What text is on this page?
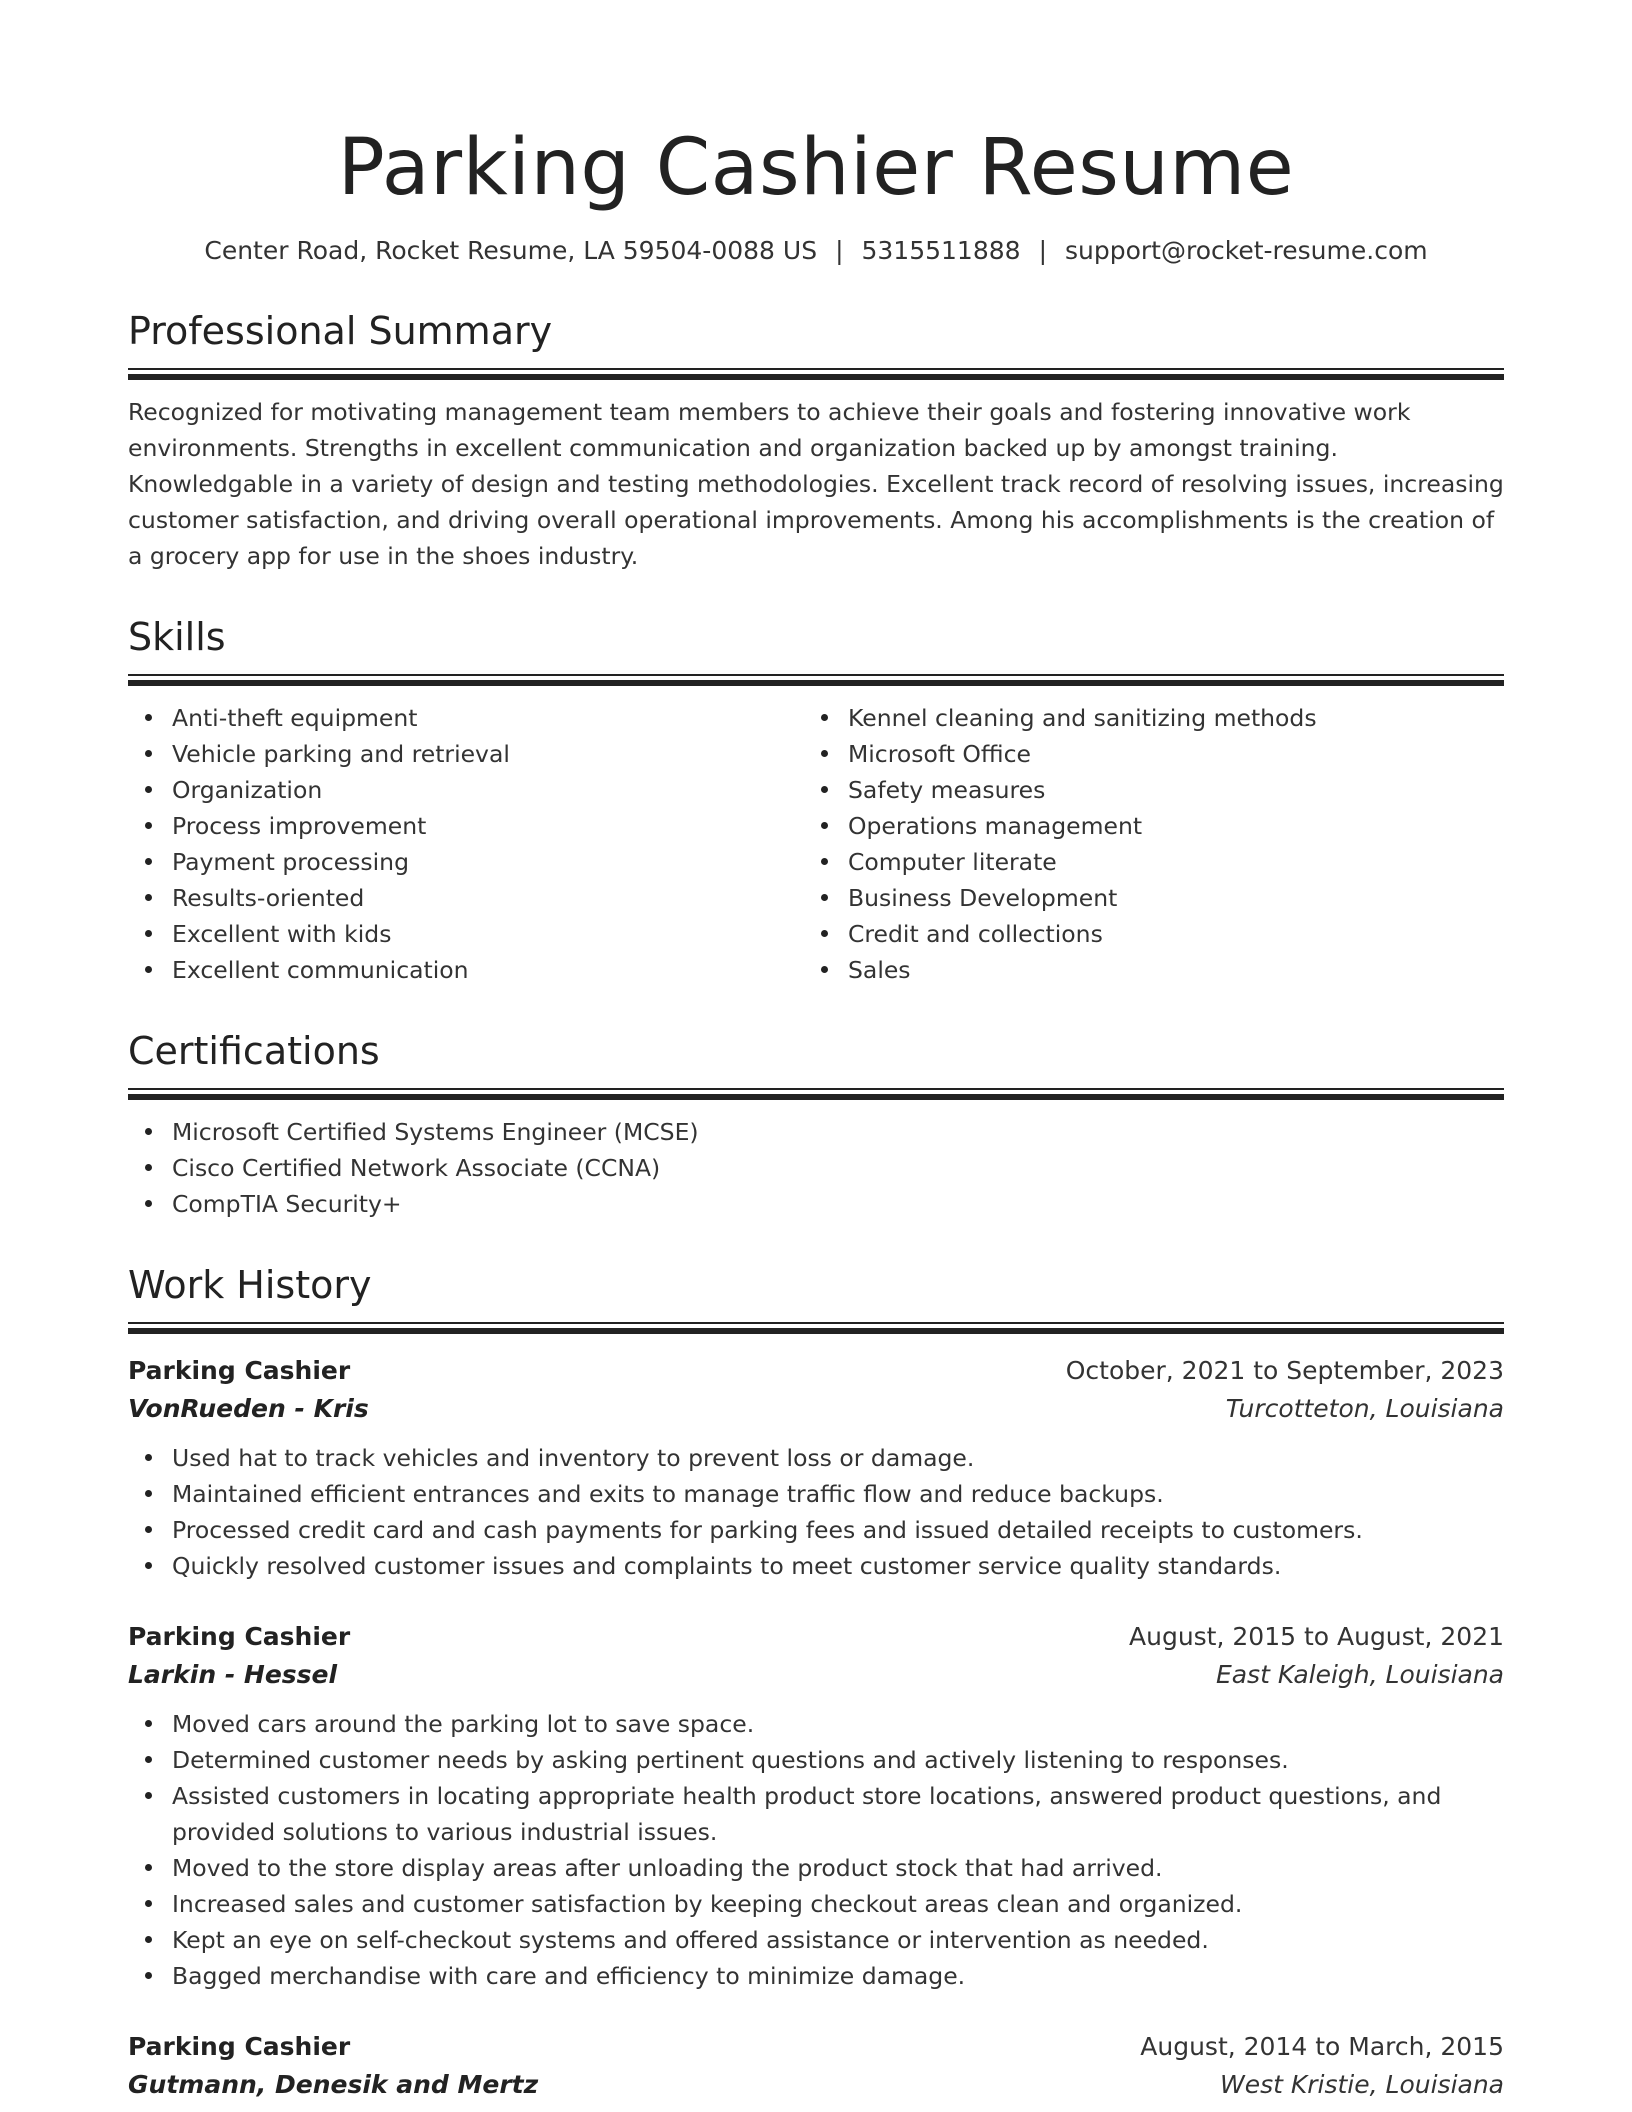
Parking Cashier Resume
Center Road, Rocket Resume, LA 59504-0088 US | 5315511888 | support@rocket-resume.com
Professional Summary

Recognized for motivating management team members to achieve their goals and fostering innovative work environments. Strengths in excellent communication and organization backed up by amongst training. Knowledgable in a variety of design and testing methodologies. Excellent track record of resolving issues, increasing customer satisfaction, and driving overall operational improvements. Among his accomplishments is the creation of a grocery app for use in the shoes industry.

Skills
Anti-theft equipment
Vehicle parking and retrieval
Organization
Process improvement
Payment processing
Results-oriented
Excellent with kids
Excellent communication
Kennel cleaning and sanitizing methods
Microsoft Office
Safety measures
Operations management
Computer literate
Business Development
Credit and collections
Sales
Certifications
Microsoft Certified Systems Engineer (MCSE)
Cisco Certified Network Associate (CCNA)
CompTIA Security+
Work History
Parking Cashier	October, 2021 to September, 2023
VonRueden - Kris	Turcotteton, Louisiana
Used hat to track vehicles and inventory to prevent loss or damage.
Maintained efficient entrances and exits to manage traffic flow and reduce backups.
Processed credit card and cash payments for parking fees and issued detailed receipts to customers.
Quickly resolved customer issues and complaints to meet customer service quality standards.
Parking Cashier	August, 2015 to August, 2021
Larkin - Hessel	East Kaleigh, Louisiana
Moved cars around the parking lot to save space.
Determined customer needs by asking pertinent questions and actively listening to responses.
Assisted customers in locating appropriate health product store locations, answered product questions, and provided solutions to various industrial issues.
Moved to the store display areas after unloading the product stock that had arrived.
Increased sales and customer satisfaction by keeping checkout areas clean and organized.
Kept an eye on self-checkout systems and offered assistance or intervention as needed.
Bagged merchandise with care and efficiency to minimize damage.
Parking Cashier	August, 2014 to March, 2015
Gutmann, Denesik and Mertz	West Kristie, Louisiana
